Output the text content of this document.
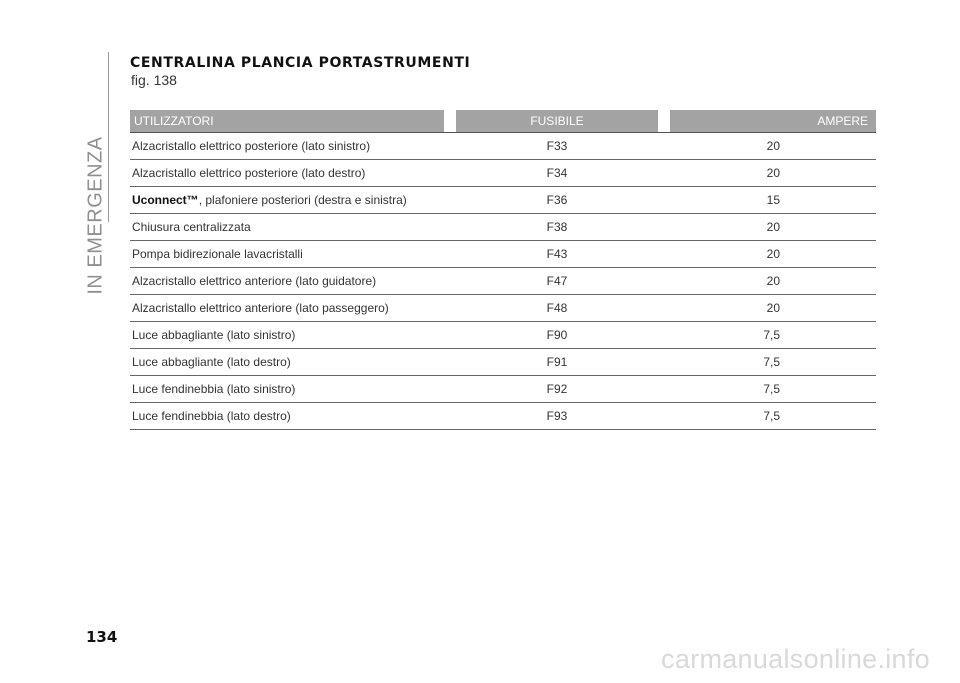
IN EMERGENZA
CENTRALINA PLANCIA PORTASTRUMENTI
fig. 138
UTILIZZATORI	FUSIBILE	AMPERE
Alzacristallo elettrico posteriore (lato sinistro)	F33	20
Alzacristallo elettrico posteriore (lato destro)	F34	20
Uconnect™, plafoniere posteriori (destra e sinistra)	F36	15
Chiusura centralizzata	F38	20
Pompa bidirezionale lavacristalli	F43	20
Alzacristallo elettrico anteriore (lato guidatore)	F47	20
Alzacristallo elettrico anteriore (lato passeggero)	F48	20
Luce abbagliante (lato sinistro)	F90	7,5
Luce abbagliante (lato destro)	F91	7,5
Luce fendinebbia (lato sinistro)	F92	7,5
Luce fendinebbia (lato destro)	F93	7,5
134
carmanualsonline.info
